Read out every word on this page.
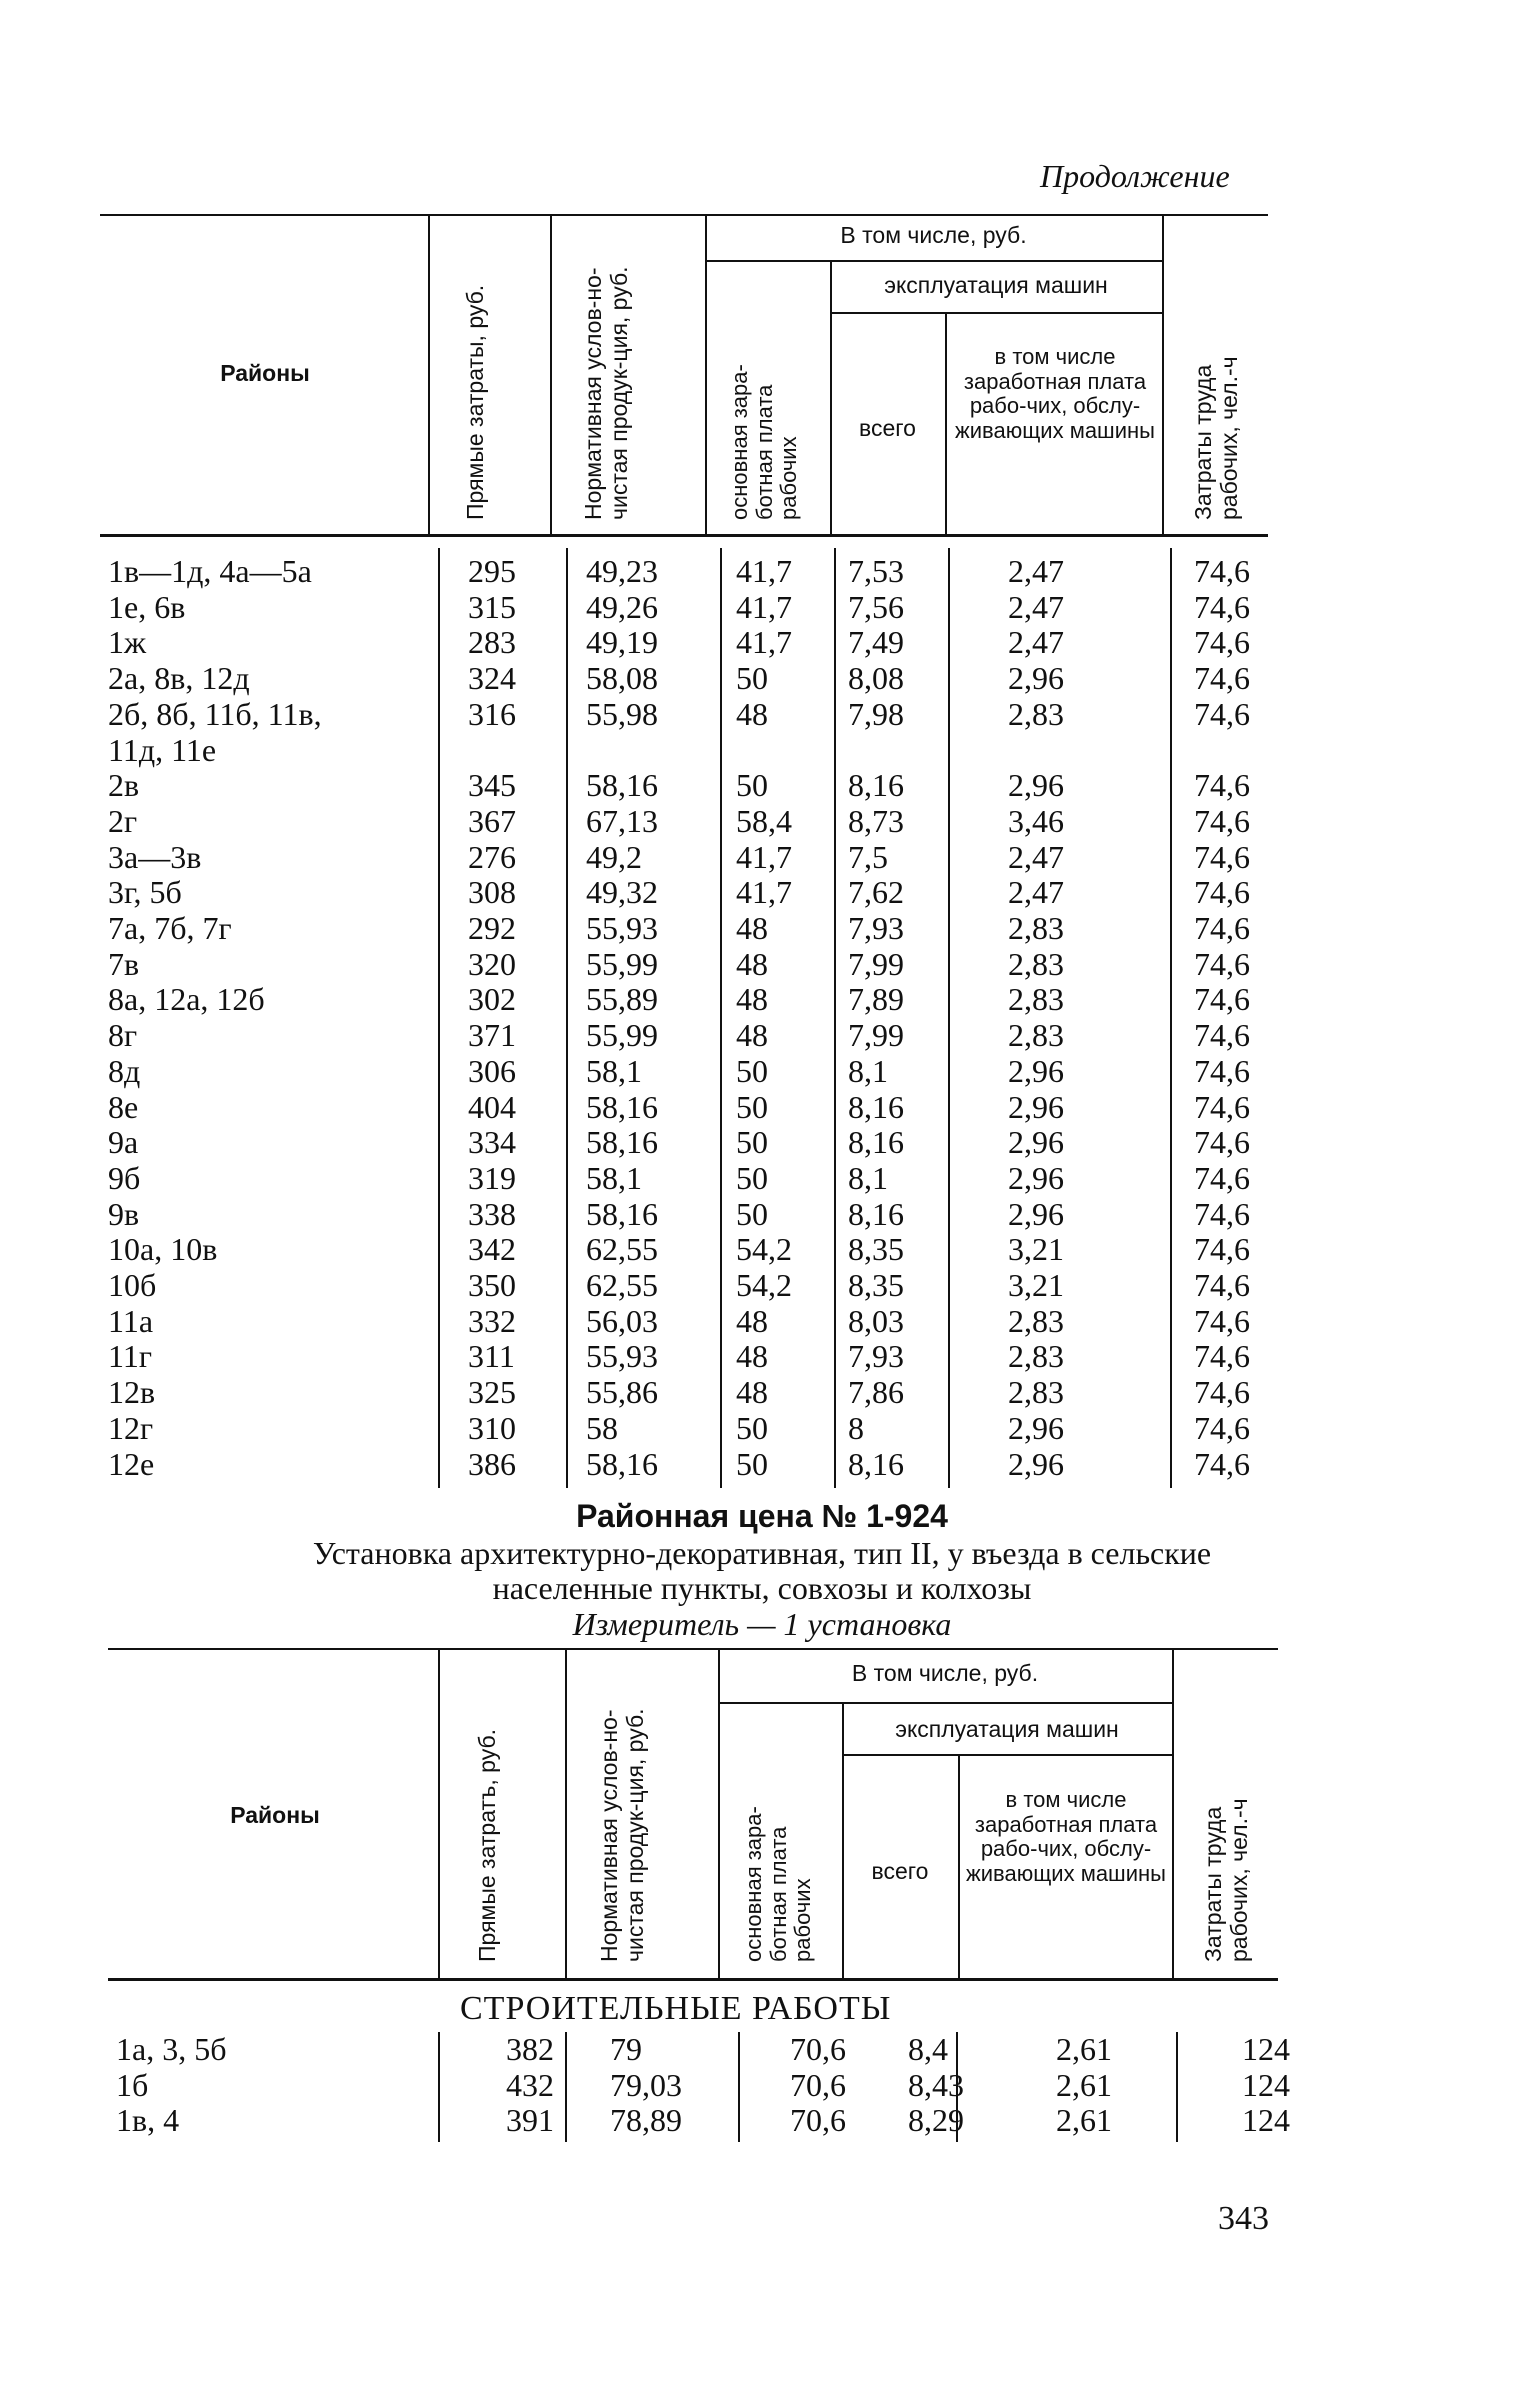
Продолжение
Районы	Прямые затраты, руб.	Нормативная услов-но-чистая продук-ция, руб.
В том числе, руб.
основная зара-ботная плата рабочих
эксплуатация машин
всего
в том числе заработная плата рабо-чих, обслу-живающих машины Затраты труда рабочих, чел.-ч
1в—1д, 4а—5а	295	49,23	41,7	7,53	2,47	74,6
1е, 6в	315	49,26	41,7	7,56	2,47	74,6
1ж	283	49,19	41,7	7,49	2,47	74,6
2а, 8в, 12д	324	58,08	50	8,08	2,96	74,6
2б, 8б, 11б, 11в,	316	55,98	48	7,98	2,83	74,6
11д, 11е						
2в	345	58,16	50	8,16	2,96	74,6
2г	367	67,13	58,4	8,73	3,46	74,6
3а—3в	276	49,2	41,7	7,5	2,47	74,6
3г, 5б	308	49,32	41,7	7,62	2,47	74,6
7а, 7б, 7г	292	55,93	48	7,93	2,83	74,6
7в	320	55,99	48	7,99	2,83	74,6
8а, 12а, 12б	302	55,89	48	7,89	2,83	74,6
8г	371	55,99	48	7,99	2,83	74,6
8д	306	58,1	50	8,1	2,96	74,6
8е	404	58,16	50	8,16	2,96	74,6
9а	334	58,16	50	8,16	2,96	74,6
9б	319	58,1	50	8,1	2,96	74,6
9в	338	58,16	50	8,16	2,96	74,6
10а, 10в	342	62,55	54,2	8,35	3,21	74,6
10б	350	62,55	54,2	8,35	3,21	74,6
11а	332	56,03	48	8,03	2,83	74,6
11г	311	55,93	48	7,93	2,83	74,6
12в	325	55,86	48	7,86	2,83	74,6
12г	310	58	50	8	2,96	74,6
12е	386	58,16	50	8,16	2,96	74,6
Районная цена № 1-924
Установка архитектурно-декоративная, тип II, у въезда в сельские
населенные пункты, совхозы и колхозы
Измеритель — 1 установка
Районы	Прямые затратъ, руб.	Нормативная услов-но-чистая продук-ция, руб.
В том числе, руб.
основная зара-ботная плата рабочих
эксплуатация машин
всего
в том числе заработная плата рабо-чих, обслу-живающих машины Затраты труда рабочих, чел.-ч
СТРОИТЕЛЬНЫЕ РАБОТЫ
1а, 3, 5б	382	79	70,6	8,4	2,61	124
1б	432	79,03	70,6	8,43	2,61	124
1в, 4	391	78,89	70,6	8,29	2,61	124
343
